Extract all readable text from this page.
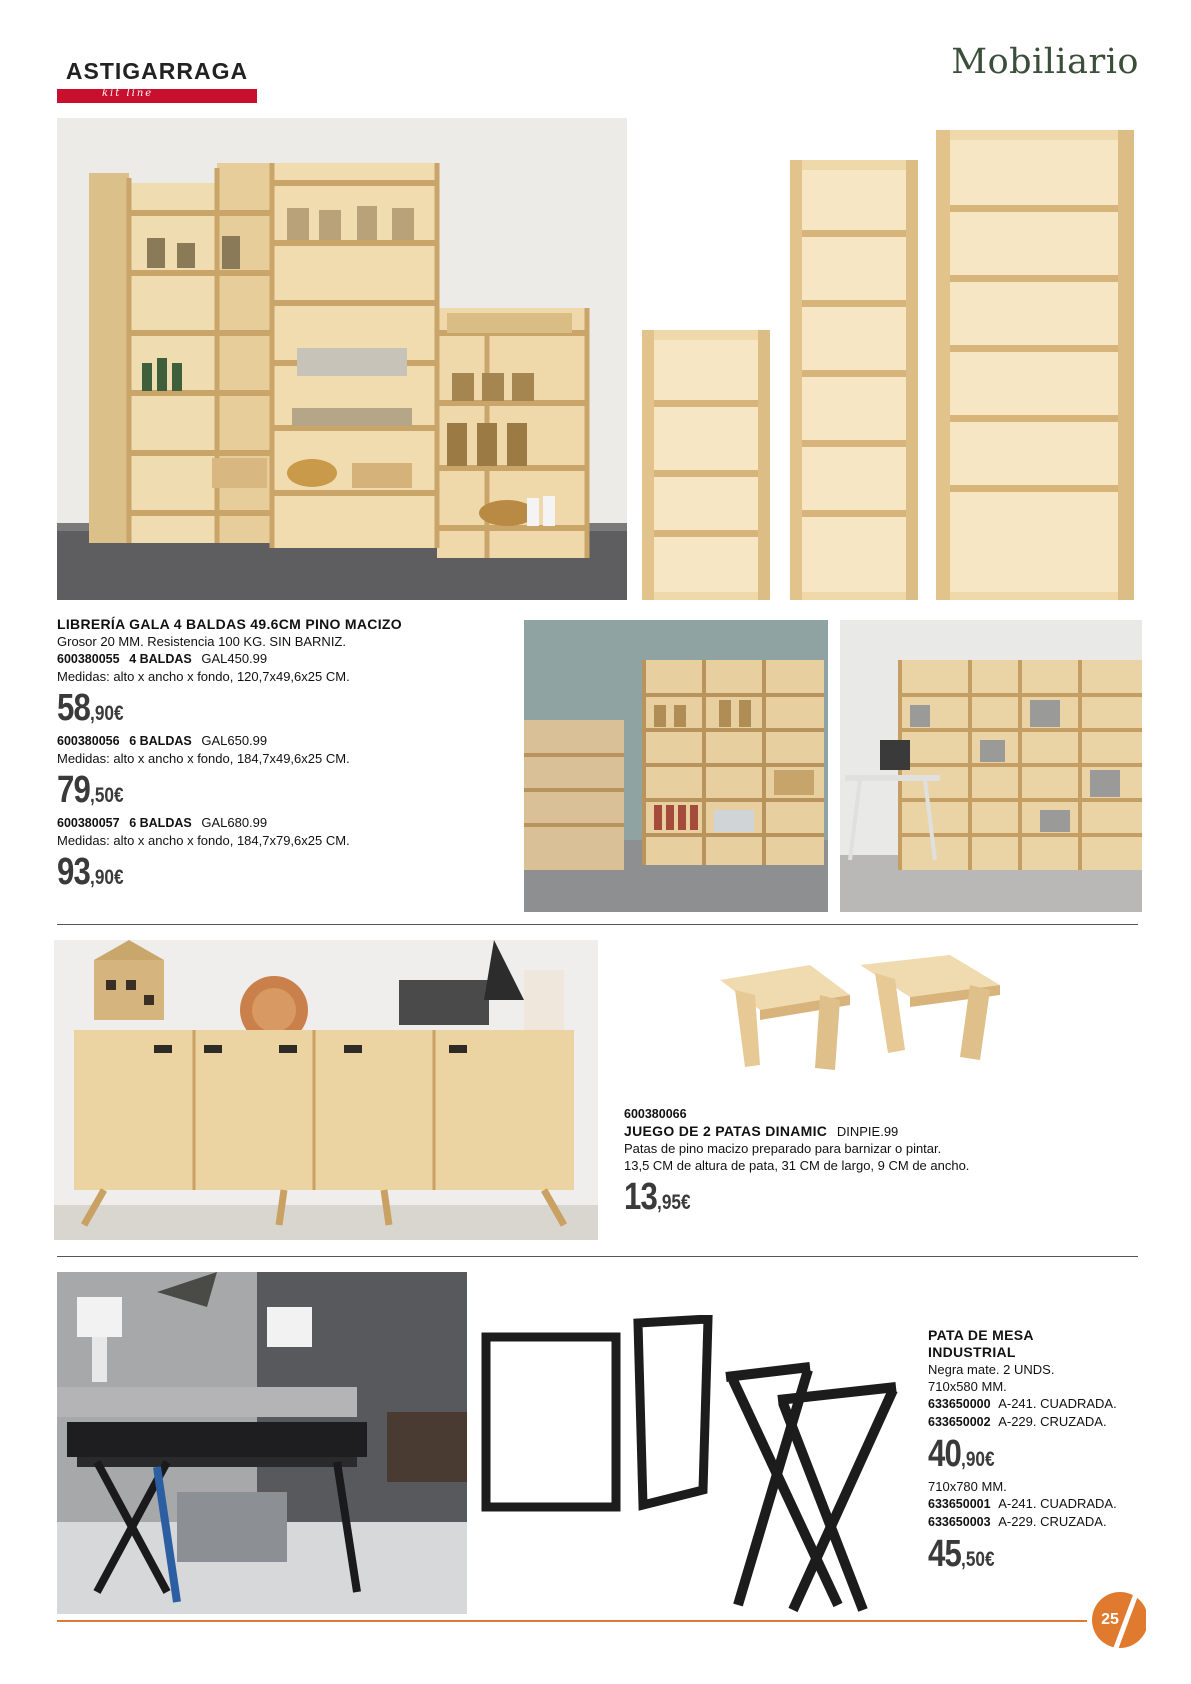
ASTIGARRAGA
kit line
Mobiliario
LIBRERÍA GALA 4 BALDAS 49.6CM PINO MACIZO
Grosor 20 MM. Resistencia 100 KG. SIN BARNIZ.
600380055 4 BALDAS GAL450.99
Medidas: alto x ancho x fondo, 120,7x49,6x25 CM.
58 ,90€
600380056 6 BALDAS GAL650.99
Medidas: alto x ancho x fondo, 184,7x49,6x25 CM.
79 ,50€
600380057 6 BALDAS GAL680.99
Medidas: alto x ancho x fondo, 184,7x79,6x25 CM.
93 ,90€
600380066
JUEGO DE 2 PATAS DINAMIC DINPIE.99
Patas de pino macizo preparado para barnizar o pintar.
13,5 CM de altura de pata, 31 CM de largo, 9 CM de ancho.
13 ,95€
PATA DE MESA
INDUSTRIAL
Negra mate. 2 UNDS.
710x580 MM.
633650000 A-241. CUADRADA.
633650002 A-229. CRUZADA.
40 ,90€
710x780 MM.
633650001 A-241. CUADRADA.
633650003 A-229. CRUZADA.
45 ,50€
25
